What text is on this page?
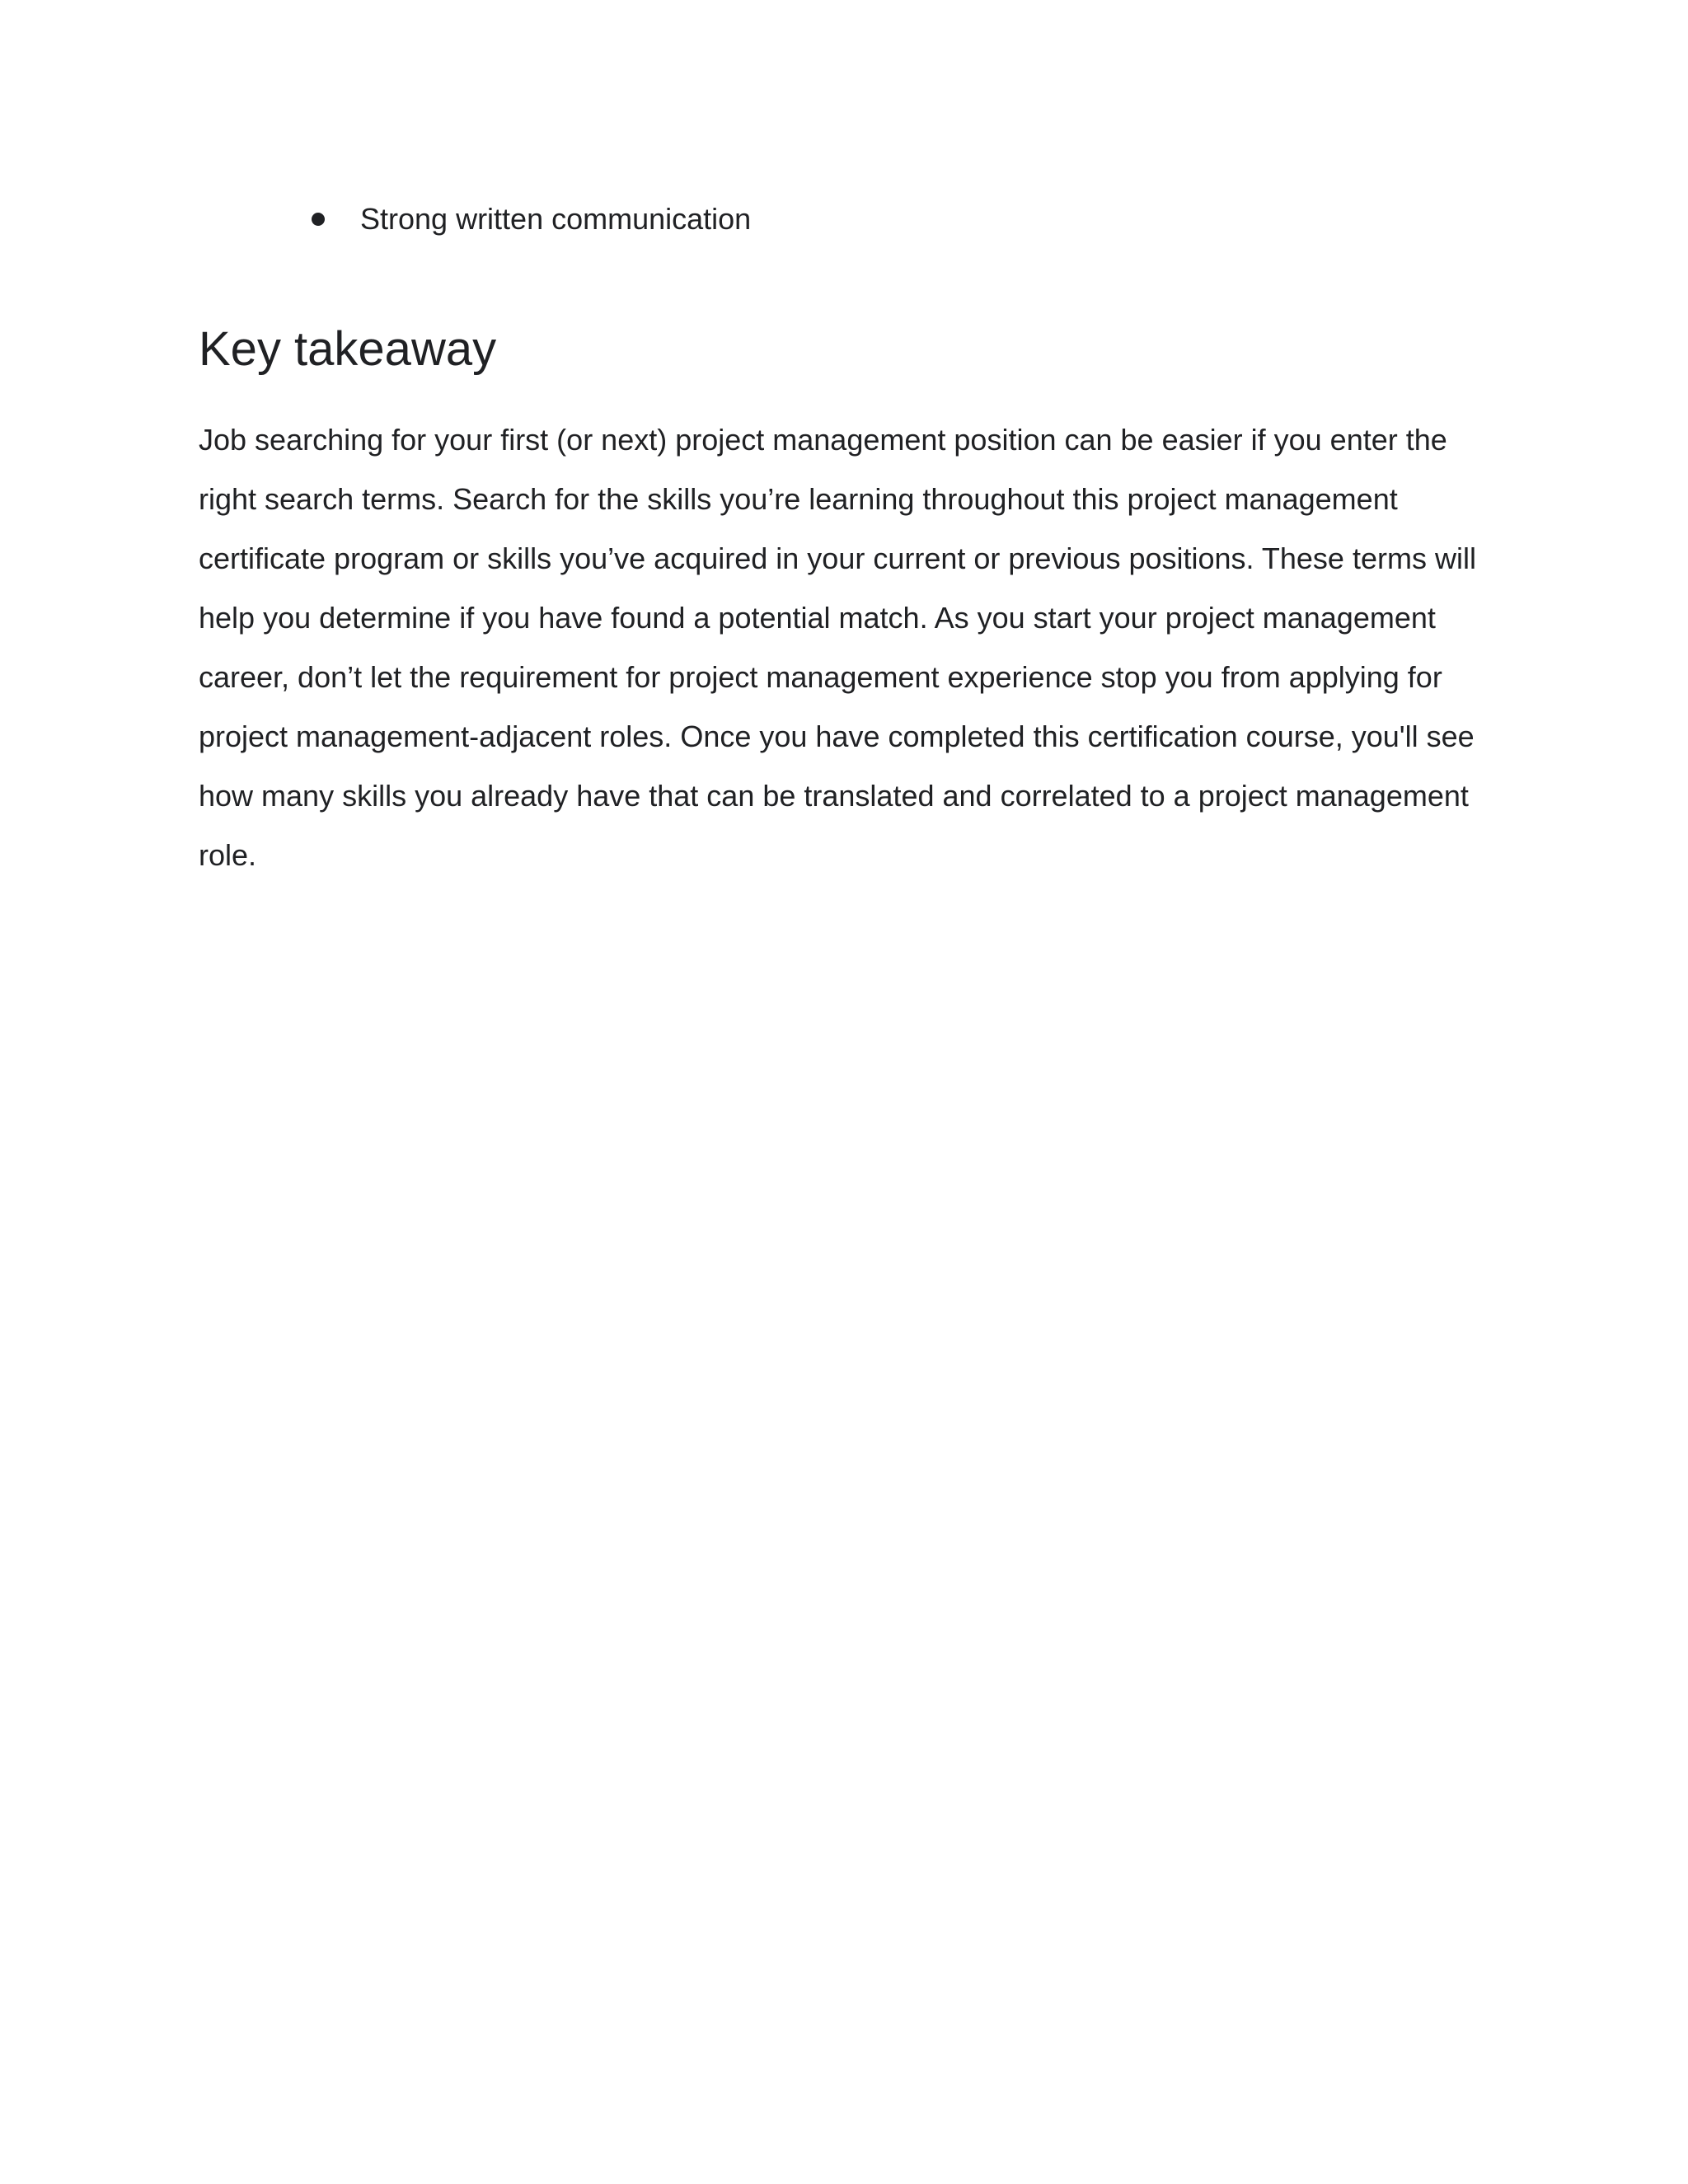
Strong written communication
Key takeaway

Job searching for your first (or next) project management position can be easier if you enter the right search terms. Search for the skills you’re learning throughout this project management certificate program or skills you’ve acquired in your current or previous positions. These terms will help you determine if you have found a potential match. As you start your project management career, don’t let the requirement for project management experience stop you from applying for project management-adjacent roles. Once you have completed this certification course, you'll see how many skills you already have that can be translated and correlated to a project management role.
